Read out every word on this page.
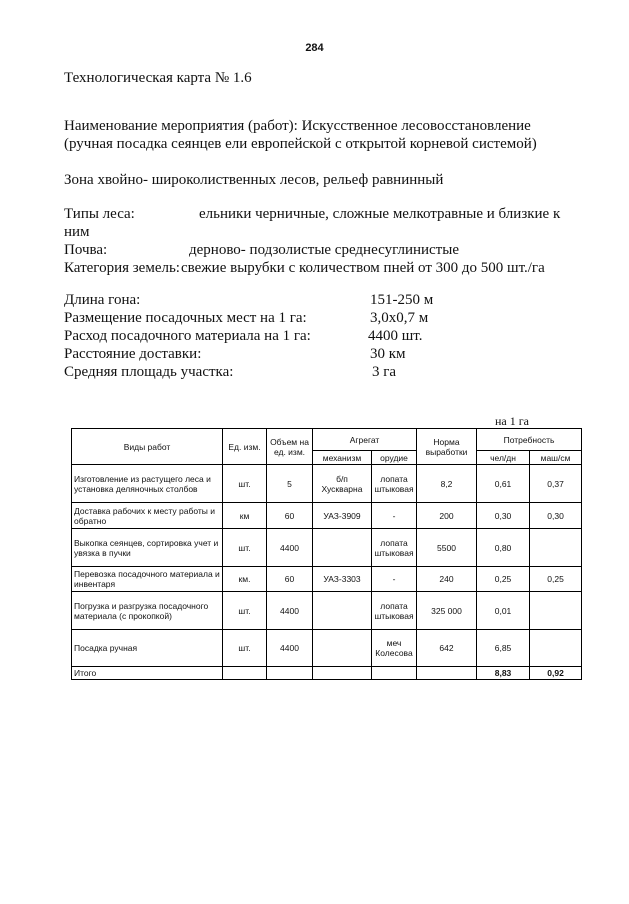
284
Технологическая карта № 1.6
Наименование мероприятия (работ): Искусственное лесовосстановление
(ручная посадка сеянцев ели европейской с открытой корневой системой)
Зона хвойно- широколиственных лесов, рельеф равнинный
Типы леса:	ельники черничные, сложные мелкотравные и близкие к
ним
Почва:	дерново- подзолистые среднесуглинистые
Категория земель: свежие вырубки с количеством пней от 300 до 500 шт./га
Длина гона:	151-250 м
Размещение посадочных мест на 1 га:	3,0х0,7 м
Расход посадочного материала на 1 га:	4400 шт.
Расстояние доставки:	30 км
Средняя площадь участка:	3 га
на 1 га
Виды работ	Ед. изм.	Объем на ед. изм.	Агрегат		Норма выработки	Потребность	
			механизм	орудие		чел/дн	маш/см
Изготовление из растущего леса и установка деляночных столбов	шт.	5	б/п Хускварна	лопата штыковая	8,2	0,61	0,37
Доставка рабочих к месту работы и обратно	км	60	УАЗ-3909	-	200	0,30	0,30
Выкопка сеянцев, сортировка учет и увязка в пучки	шт.	4400		лопата штыковая	5500	0,80	
Перевозка посадочного материала и инвентаря	км.	60	УАЗ-3303	-	240	0,25	0,25
Погрузка и разгрузка посадочного материала (с прокопкой)	шт.	4400		лопата штыковая	325 000	0,01	
Посадка ручная	шт.	4400		меч Колесова	642	6,85	
Итого						8,83	0,92
